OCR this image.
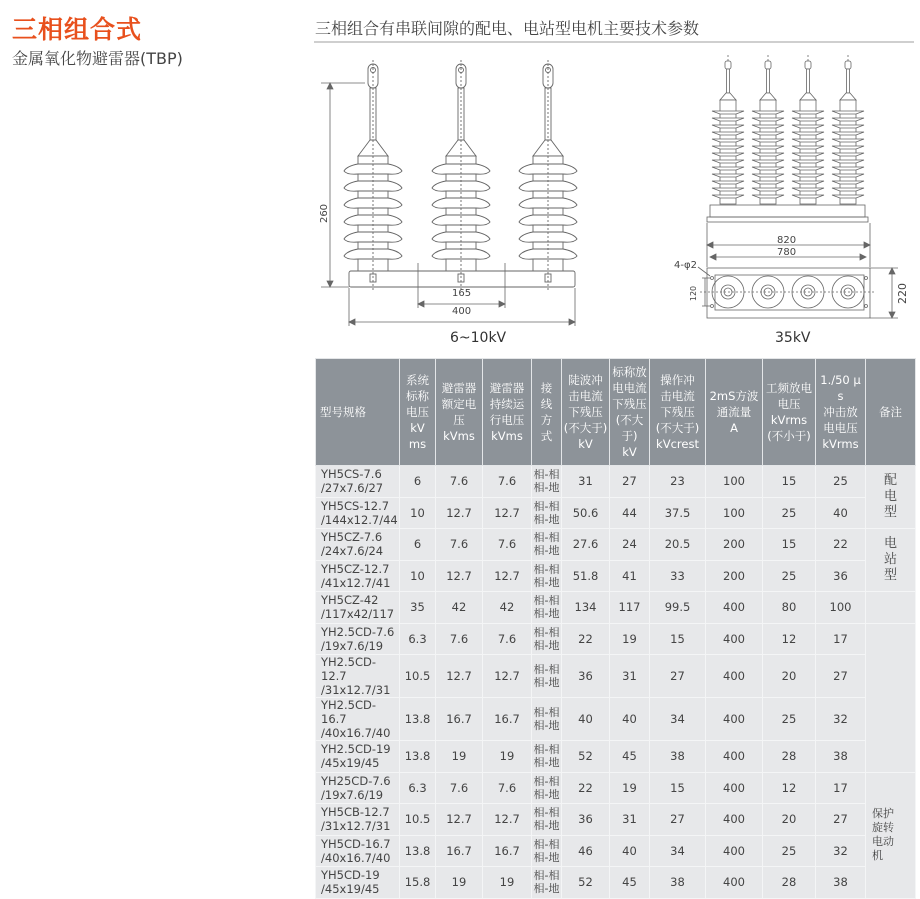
三相组合式
金属氧化物避雷器(TBP)
三相组合有串联间隙的配电、电站型电机主要技术参数
260
165
400
6~10kV
820
780
4-φ2
120	220
35kV
型号规格	系统
标称
电压
kV
ms	避雷器
额定电
压
kVms	避雷器
持续运
行电压
kVms	接
线
方
式	陡波冲
击电流
下残压
(不大于)
kV	标称放
电电流
下残压
(不大于)
kV	操作冲
击电流
下残压
(不大于)
kVcrest	2mS方波
通流量
A	工频放电
电压
kVrms
(不小于)	1./50 μ s
冲击放
电电压
kVrms	备注
YH5CS-7.6
/27x7.6/27	6	7.6	7.6	相-相
相-地	31	27	23	100	15	25	配
电
型
YH5CS-12.7
/144x12.7/44	10	12.7	12.7	相-相
相-地	50.6	44	37.5	100	25	40	
YH5CZ-7.6
/24x7.6/24	6	7.6	7.6	相-相
相-地	27.6	24	20.5	200	15	22	电
站
型
YH5CZ-12.7
/41x12.7/41	10	12.7	12.7	相-相
相-地	51.8	41	33	200	25	36	
YH5CZ-42
/117x42/117	35	42	42	相-相
相-地	134	117	99.5	400	80	100	
YH2.5CD-7.6
/19x7.6/19	6.3	7.6	7.6	相-相
相-地	22	19	15	400	12	17	
YH2.5CD-12.7
/31x12.7/31	10.5	12.7	12.7	相-相
相-地	36	31	27	400	20	27	
YH2.5CD-16.7
/40x16.7/40	13.8	16.7	16.7	相-相
相-地	40	40	34	400	25	32	
YH2.5CD-19
/45x19/45	13.8	19	19	相-相
相-地	52	45	38	400	28	38	
YH25CD-7.6
/19x7.6/19	6.3	7.6	7.6	相-相
相-地	22	19	15	400	12	17	保护
旋转
电动
机
YH5CB-12.7
/31x12.7/31	10.5	12.7	12.7	相-相
相-地	36	31	27	400	20	27	
YH5CD-16.7
/40x16.7/40	13.8	16.7	16.7	相-相
相-地	46	40	34	400	25	32	
YH5CD-19
/45x19/45	15.8	19	19	相-相
相-地	52	45	38	400	28	38	
